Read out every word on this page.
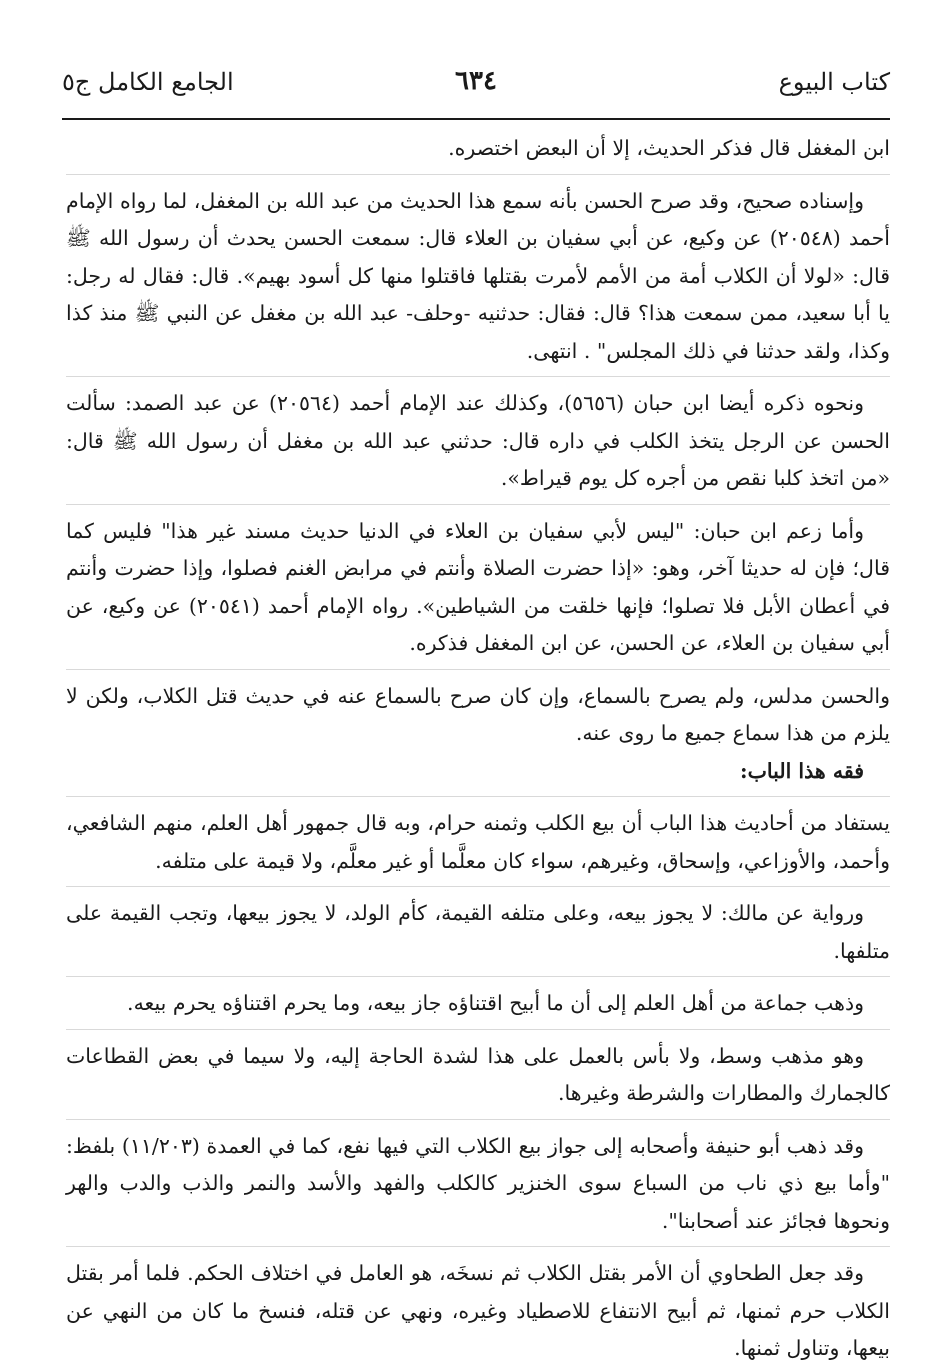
كتاب البيوع
٦٣٤
الجامع الكامل ج٥

ابن المغفل قال فذكر الحديث، إلا أن البعض اختصره.

وإسناده صحيح، وقد صرح الحسن بأنه سمع هذا الحديث من عبد الله بن المغفل، لما رواه الإمام أحمد (٢٠٥٤٨) عن وكيع، عن أبي سفيان بن العلاء قال: سمعت الحسن يحدث أن رسول الله ﷺ قال: «لولا أن الكلاب أمة من الأمم لأمرت بقتلها فاقتلوا منها كل أسود بهيم». قال: فقال له رجل: يا أبا سعيد، ممن سمعت هذا؟ قال: فقال: حدثنيه -وحلف- عبد الله بن مغفل عن النبي ﷺ منذ كذا وكذا، ولقد حدثنا في ذلك المجلس" . انتهى.

ونحوه ذكره أيضا ابن حبان (٥٦٥٦)، وكذلك عند الإمام أحمد (٢٠٥٦٤) عن عبد الصمد: سألت الحسن عن الرجل يتخذ الكلب في داره قال: حدثني عبد الله بن مغفل أن رسول الله ﷺ قال: «من اتخذ كلبا نقص من أجره كل يوم قيراط».

وأما زعم ابن حبان: "ليس لأبي سفيان بن العلاء في الدنيا حديث مسند غير هذا" فليس كما قال؛ فإن له حديثا آخر، وهو: «إذا حضرت الصلاة وأنتم في مرابض الغنم فصلوا، وإذا حضرت وأنتم في أعطان الأبل فلا تصلوا؛ فإنها خلقت من الشياطين». رواه الإمام أحمد (٢٠٥٤١) عن وكيع، عن أبي سفيان بن العلاء، عن الحسن، عن ابن المغفل فذكره.

والحسن مدلس، ولم يصرح بالسماع، وإن كان صرح بالسماع عنه في حديث قتل الكلاب، ولكن لا يلزم من هذا سماع جميع ما روى عنه.

فقه هذا الباب:

يستفاد من أحاديث هذا الباب أن بيع الكلب وثمنه حرام، وبه قال جمهور أهل العلم، منهم الشافعي، وأحمد، والأوزاعي، وإسحاق، وغيرهم، سواء كان معلَّما أو غير معلَّم، ولا قيمة على متلفه.

ورواية عن مالك: لا يجوز بيعه، وعلى متلفه القيمة، كأم الولد، لا يجوز بيعها، وتجب القيمة على متلفها.

وذهب جماعة من أهل العلم إلى أن ما أبيح اقتناؤه جاز بيعه، وما يحرم اقتناؤه يحرم بيعه.

وهو مذهب وسط، ولا بأس بالعمل على هذا لشدة الحاجة إليه، ولا سيما في بعض القطاعات كالجمارك والمطارات والشرطة وغيرها.

وقد ذهب أبو حنيفة وأصحابه إلى جواز بيع الكلاب التي فيها نفع، كما في العمدة (١١/٢٠٣) بلفظ: "وأما بيع ذي ناب من السباع سوى الخنزير كالكلب والفهد والأسد والنمر والذب والدب والهر ونحوها فجائز عند أصحابنا".

وقد جعل الطحاوي أن الأمر بقتل الكلاب ثم نسخَه، هو العامل في اختلاف الحكم. فلما أمر بقتل الكلاب حرم ثمنها، ثم أبيح الانتفاع للاصطياد وغيره، ونهي عن قتله، فنسخ ما كان من النهي عن بيعها، وتناول ثمنها.
